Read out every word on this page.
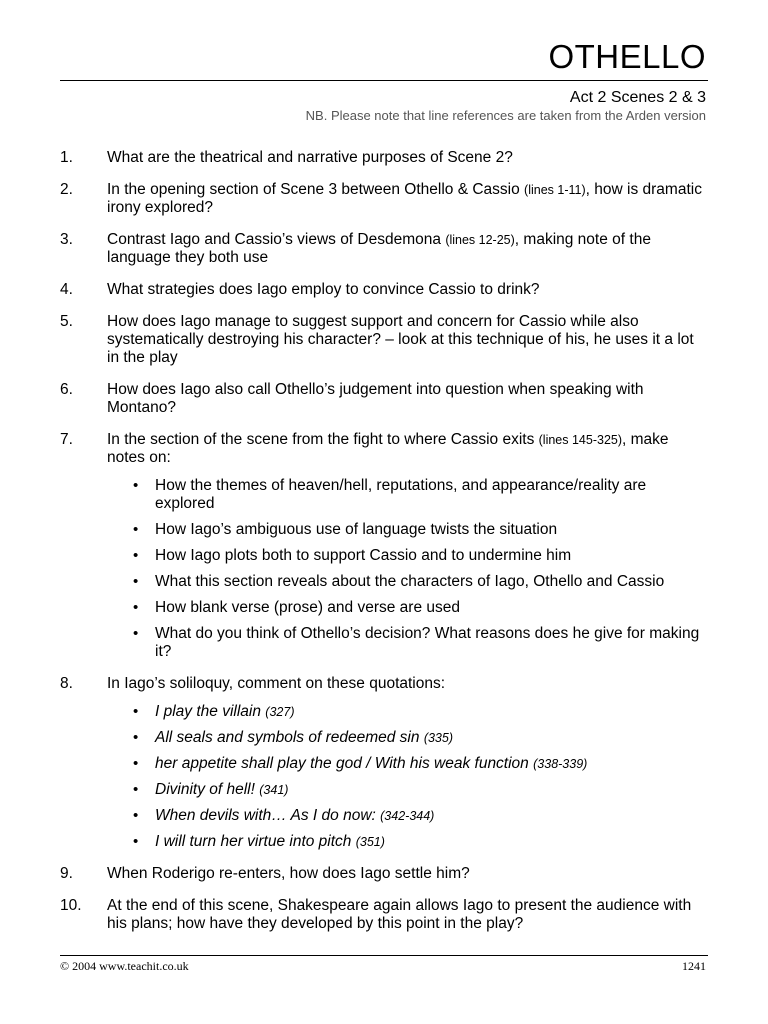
OTHELLO
Act 2 Scenes 2 & 3
NB. Please note that line references are taken from the Arden version
1.	What are the theatrical and narrative purposes of Scene 2?
2.	In the opening section of Scene 3 between Othello & Cassio (lines 1-11), how is dramatic irony explored?
3.	Contrast Iago and Cassio’s views of Desdemona (lines 12-25), making note of the language they both use
4.	What strategies does Iago employ to convince Cassio to drink?
5.	How does Iago manage to suggest support and concern for Cassio while also systematically destroying his character? – look at this technique of his, he uses it a lot in the play
6.	How does Iago also call Othello’s judgement into question when speaking with Montano?
7.	In the section of the scene from the fight to where Cassio exits (lines 145-325), make notes on:
• How the themes of heaven/hell, reputations, and appearance/reality are explored
• How Iago’s ambiguous use of language twists the situation
• How Iago plots both to support Cassio and to undermine him
• What this section reveals about the characters of Iago, Othello and Cassio
• How blank verse (prose) and verse are used
• What do you think of Othello’s decision? What reasons does he give for making it?
8.	In Iago’s soliloquy, comment on these quotations:
• I play the villain (327)
• All seals and symbols of redeemed sin (335)
• her appetite shall play the god / With his weak function (338-339)
• Divinity of hell! (341)
• When devils with… As I do now: (342-344)
• I will turn her virtue into pitch (351)
9.	When Roderigo re-enters, how does Iago settle him?
10.	At the end of this scene, Shakespeare again allows Iago to present the audience with his plans; how have they developed by this point in the play?
© 2004 www.teachit.co.uk	1241
